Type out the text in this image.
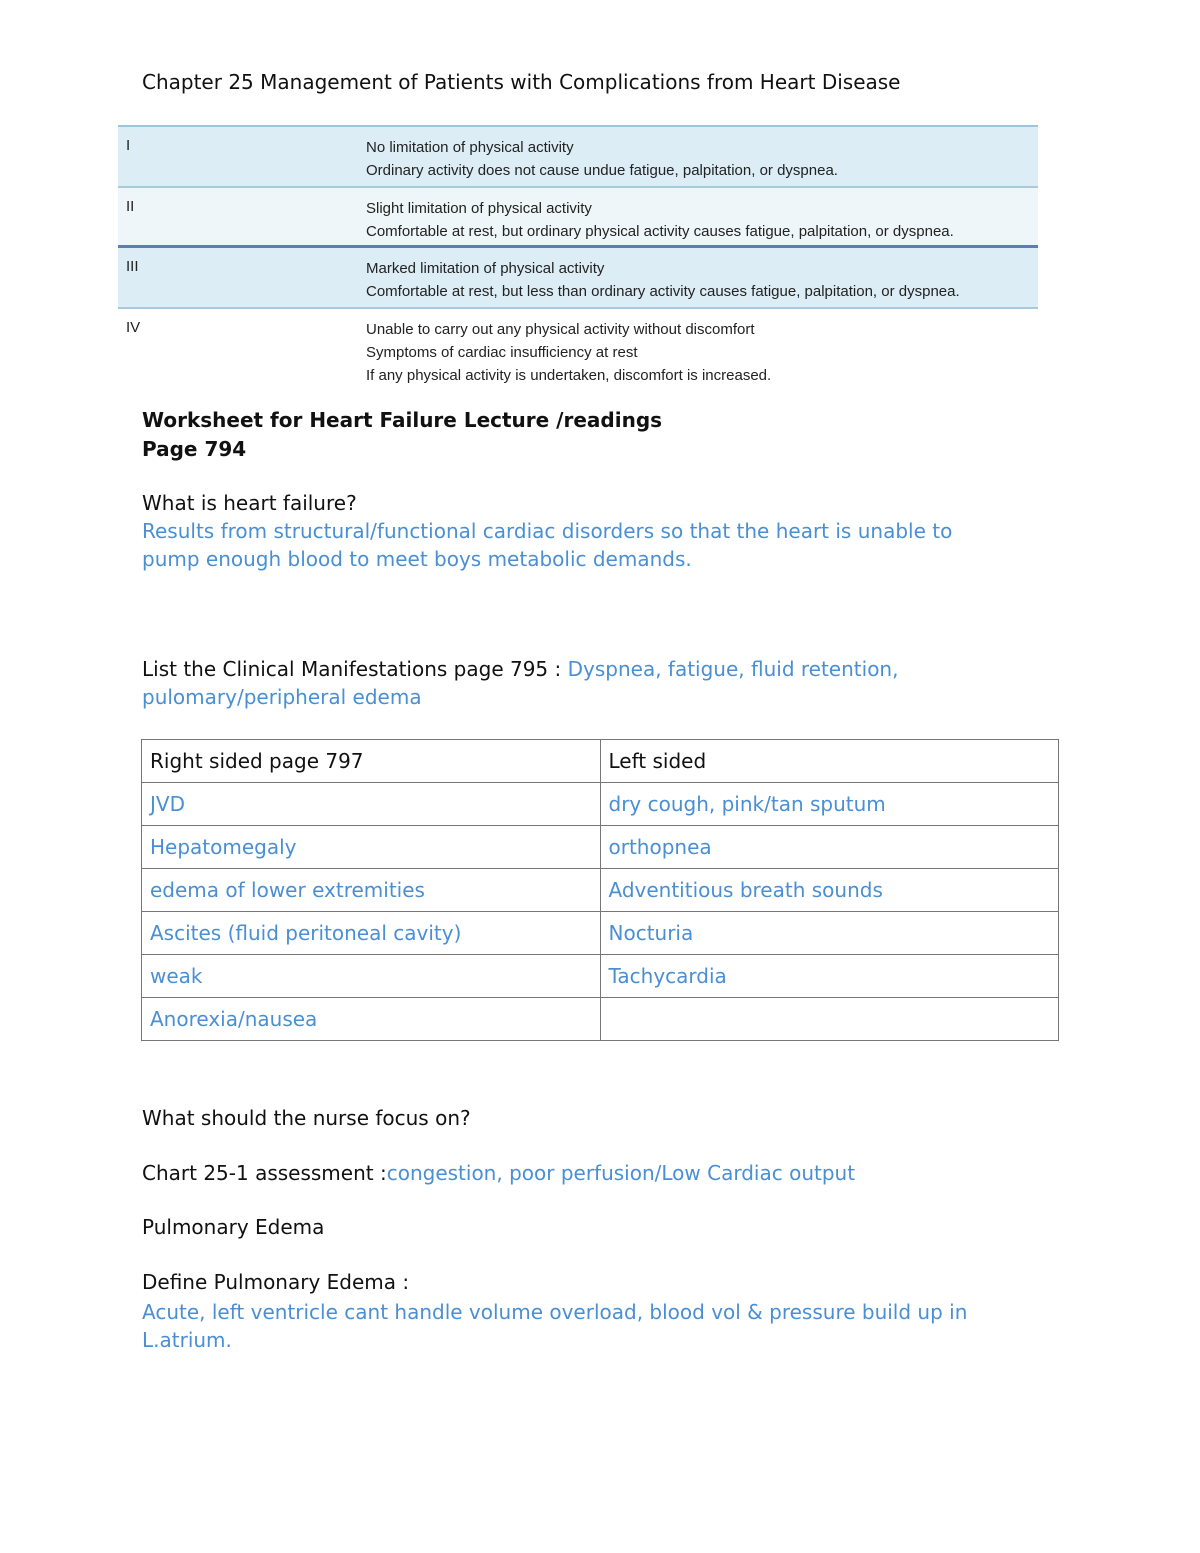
Chapter 25 Management of Patients with Complications from Heart Disease
I	No limitation of physical activity
Ordinary activity does not cause undue fatigue, palpitation, or dyspnea.
II	Slight limitation of physical activity
Comfortable at rest, but ordinary physical activity causes fatigue, palpitation, or dyspnea.
III	Marked limitation of physical activity
Comfortable at rest, but less than ordinary activity causes fatigue, palpitation, or dyspnea.
IV	Unable to carry out any physical activity without discomfort
Symptoms of cardiac insufficiency at rest
If any physical activity is undertaken, discomfort is increased.
Worksheet for Heart Failure Lecture /readings
Page 794
What is heart failure?
Results from structural/functional cardiac disorders so that the heart is unable to
pump enough blood to meet boys metabolic demands.
List the Clinical Manifestations page 795 : Dyspnea, fatigue, fluid retention,
pulomary/peripheral edema
Right sided page 797	Left sided
JVD	dry cough, pink/tan sputum
Hepatomegaly	orthopnea
edema of lower extremities	Adventitious breath sounds
Ascites (fluid peritoneal cavity)	Nocturia
weak	Tachycardia
Anorexia/nausea	
What should the nurse focus on?
Chart 25-1 assessment :congestion, poor perfusion/Low Cardiac output
Pulmonary Edema
Define Pulmonary Edema :
Acute, left ventricle cant handle volume overload, blood vol & pressure build up in
L.atrium.
